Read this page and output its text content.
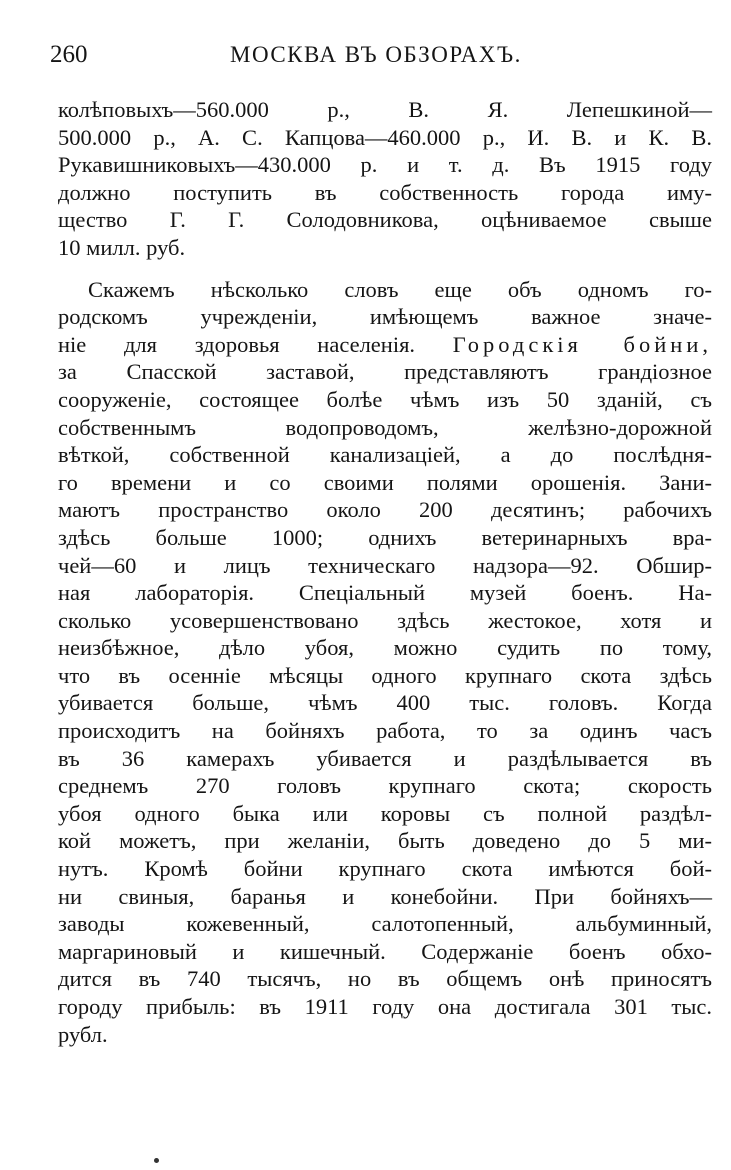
260	МОСКВА ВЪ ОБЗОРАХЪ.
колѣповыхъ—560.000 р., В. Я. Лепешкиной—
500.000 р., А. С. Капцова—460.000 р., И. В. и К. В.
Рукавишниковыхъ—430.000 р. и т. д. Въ 1915 году
должно поступить въ собственность города иму-
щество Г. Г. Солодовникова, оцѣниваемое свыше
10 милл. руб.
Скажемъ нѣсколько словъ еще объ одномъ го-
родскомъ учрежденіи, имѣющемъ важное значе-
ніе для здоровья населенія. Городскія бойни,
за Спасской заставой, представляютъ грандіозное
сооруженіе, состоящее болѣе чѣмъ изъ 50 зданій, съ
собственнымъ водопроводомъ, желѣзно-дорожной
вѣткой, собственной канализаціей, а до послѣдня-
го времени и со своими полями орошенія. Зани-
маютъ пространство около 200 десятинъ; рабочихъ
здѣсь больше 1000; однихъ ветеринарныхъ вра-
чей—60 и лицъ техническаго надзора—92. Обшир-
ная лабораторія. Спеціальный музей боенъ. На-
сколько усовершенствовано здѣсь жестокое, хотя и
неизбѣжное, дѣло убоя, можно судить по тому,
что въ осенніе мѣсяцы одного крупнаго скота здѣсь
убивается больше, чѣмъ 400 тыс. головъ. Когда
происходитъ на бойняхъ работа, то за одинъ часъ
въ 36 камерахъ убивается и раздѣлывается въ
среднемъ 270 головъ крупнаго скота; скорость
убоя одного быка или коровы съ полной раздѣл-
кой можетъ, при желаніи, быть доведено до 5 ми-
нутъ. Кромѣ бойни крупнаго скота имѣются бой-
ни свиныя, баранья и конебойни. При бойняхъ—
заводы кожевенный, салотопенный, альбуминный,
маргариновый и кишечный. Содержаніе боенъ обхо-
дится въ 740 тысячъ, но въ общемъ онѣ приносятъ
городу прибыль: въ 1911 году она достигала 301 тыс.
рубл.
